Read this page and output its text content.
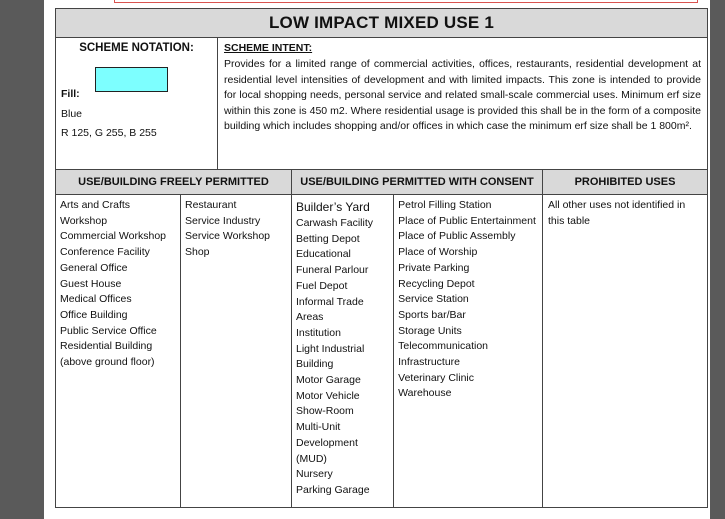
LOW IMPACT MIXED USE 1
SCHEME NOTATION:
Fill:
Blue
R 125, G 255, B 255
SCHEME INTENT:

Provides for a limited range of commercial activities, offices, restaurants, residential development at residential level intensities of development and with limited impacts. This zone is intended to provide for local shopping needs, personal service and related small-scale commercial uses. Minimum erf size within this zone is 450 m2. Where residential usage is provided this shall be in the form of a composite building which includes shopping and/or offices in which case the minimum erf size shall be 1 800m².

USE/BUILDING FREELY PERMITTED	USE/BUILDING PERMITTED WITH CONSENT	PROHIBITED USES
Arts and Crafts
Workshop
Commercial Workshop
Conference Facility
General Office
Guest House
Medical Offices
Office Building
Public Service Office
Residential Building (above ground floor)
Restaurant
Service Industry
Service Workshop
Shop
Builder’s Yard
Carwash Facility
Betting Depot
Educational
Funeral Parlour
Fuel Depot
Informal Trade Areas
Institution
Light Industrial Building
Motor Garage
Motor Vehicle Show-Room
Multi-Unit Development (MUD)
Nursery
Parking Garage
Petrol Filling Station
Place of Public Entertainment
Place of Public Assembly
Place of Worship
Private Parking
Recycling Depot
Service Station
Sports bar/Bar
Storage Units
Telecommunication Infrastructure
Veterinary Clinic
Warehouse
All other uses not identified in this table
